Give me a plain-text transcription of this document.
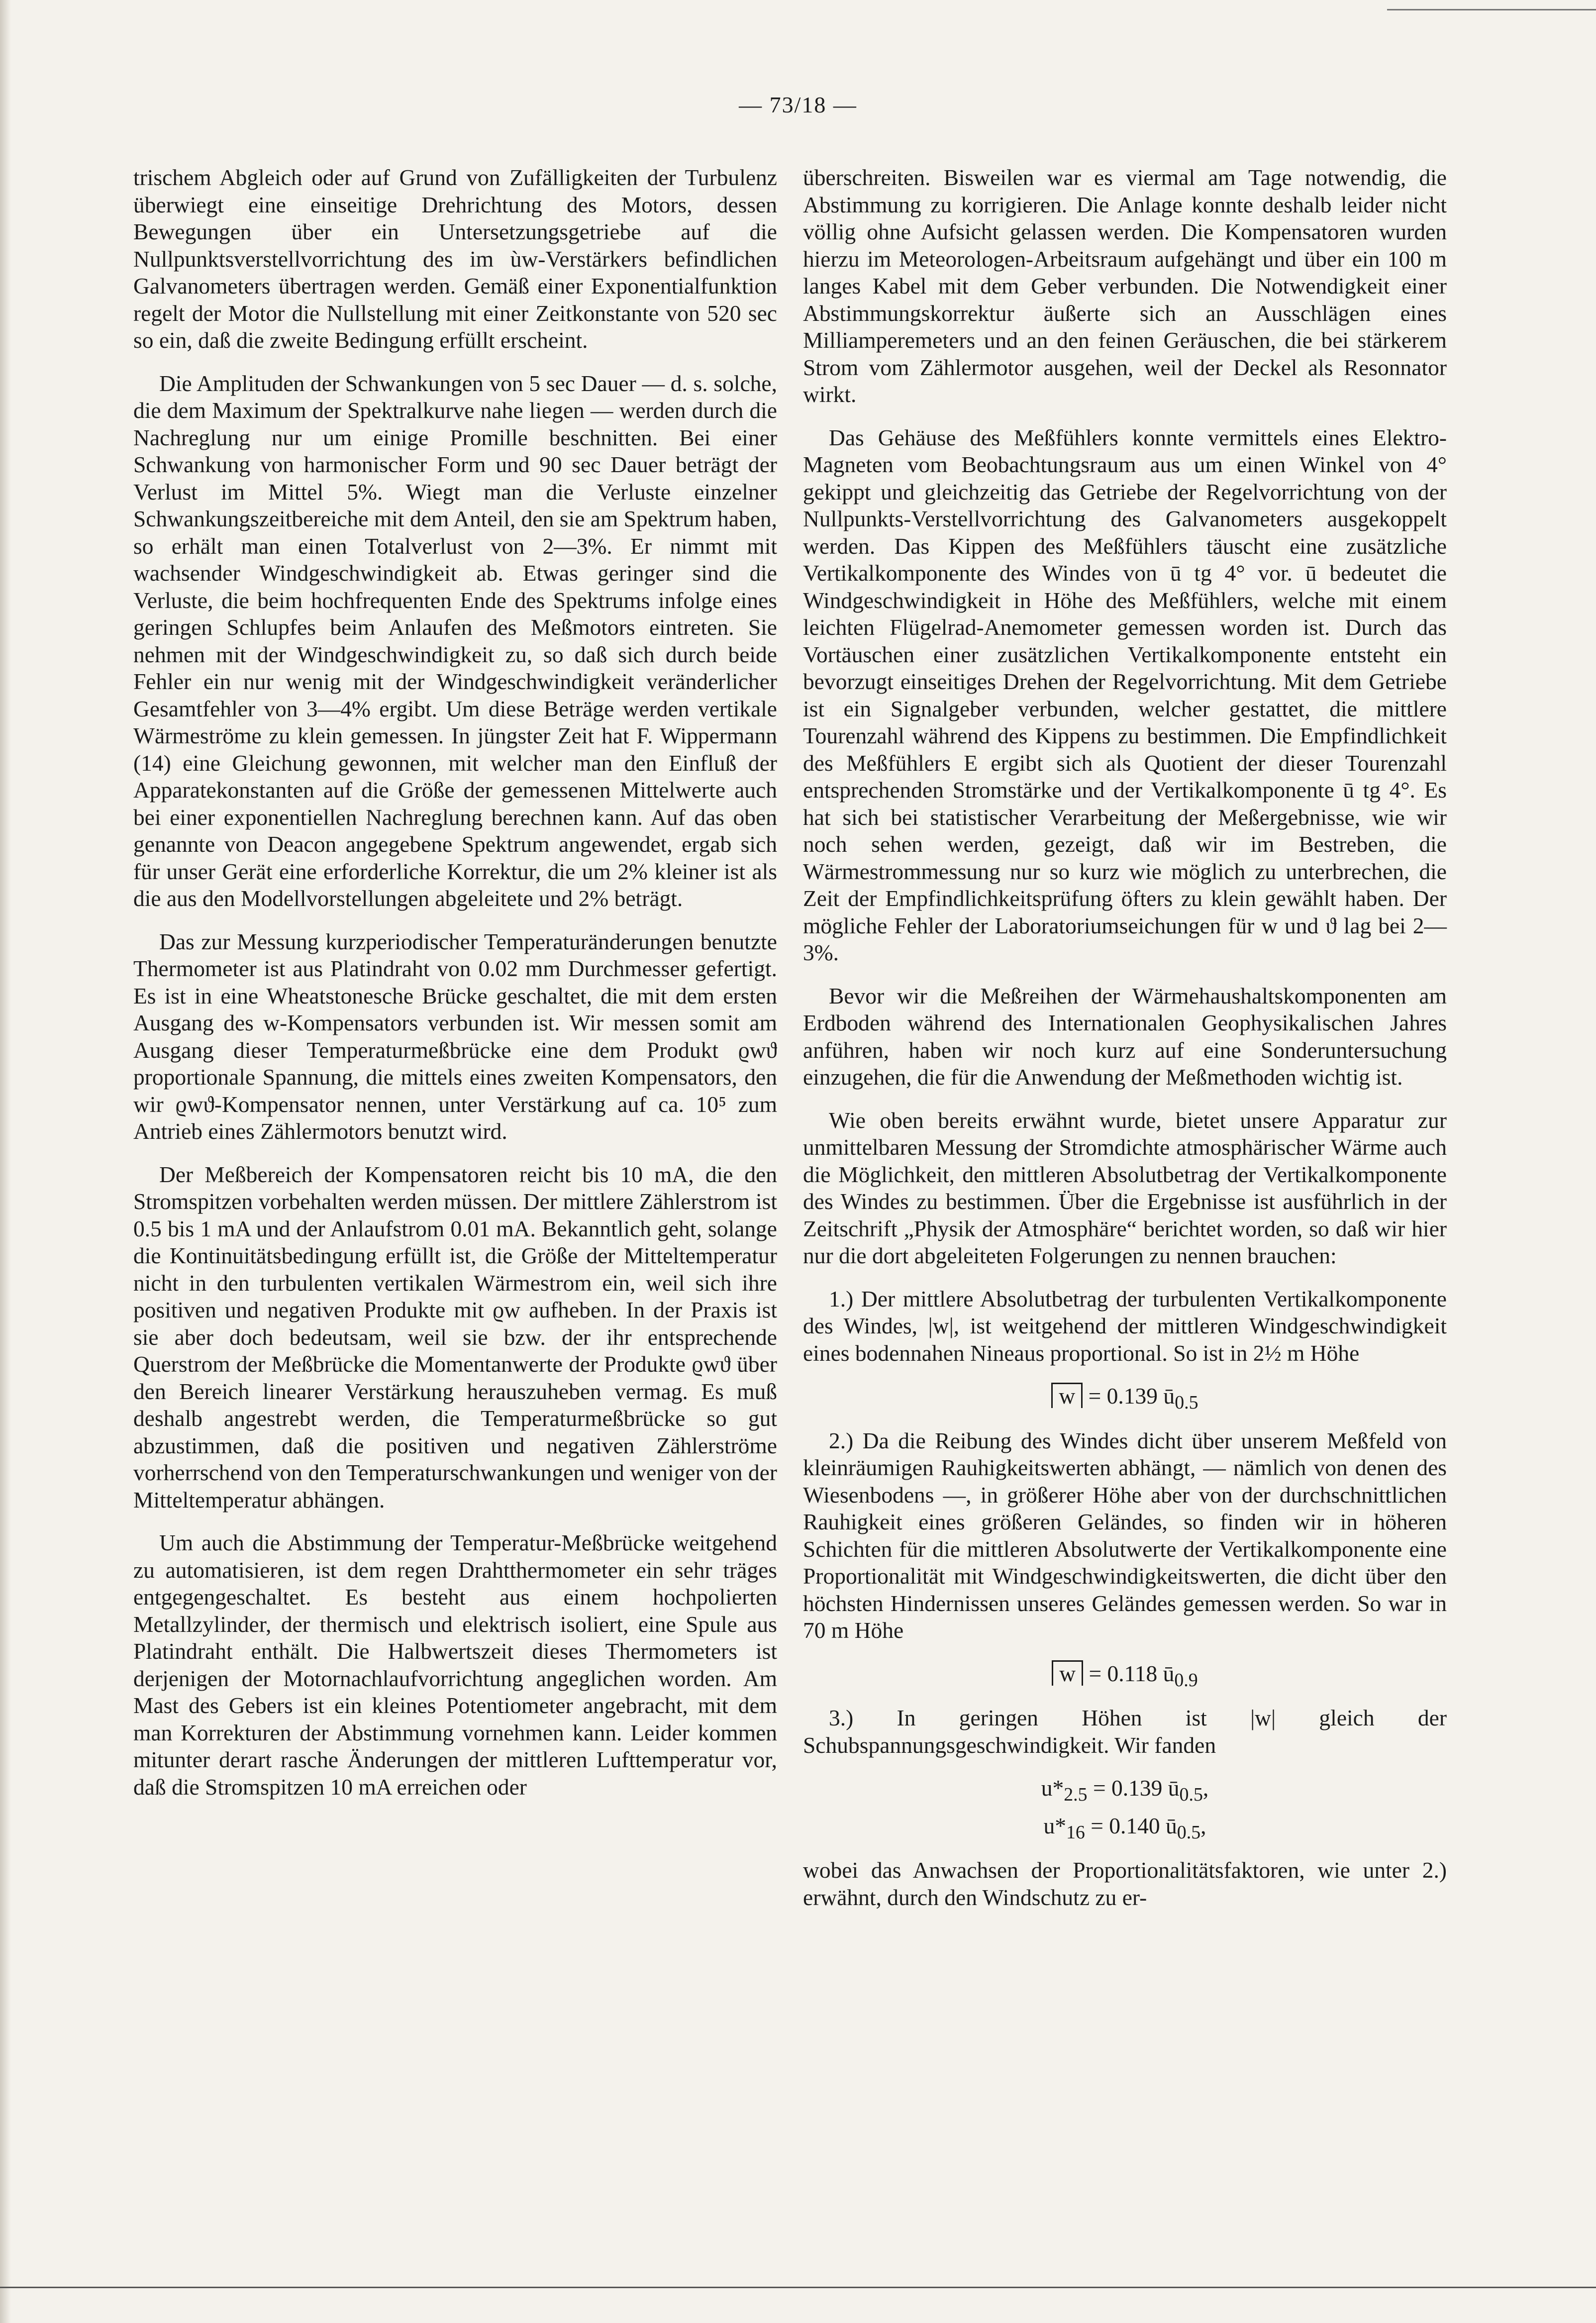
— 73/18 —

trischem Abgleich oder auf Grund von Zufälligkeiten der Turbulenz überwiegt eine einseitige Drehrichtung des Motors, dessen Bewegungen über ein Untersetzungsgetriebe auf die Nullpunktsverstellvorrichtung des im ùw-Verstärkers befindlichen Galvanometers übertragen werden. Gemäß einer Exponentialfunktion regelt der Motor die Nullstellung mit einer Zeitkonstante von 520 sec so ein, daß die zweite Bedingung erfüllt erscheint.

Die Amplituden der Schwankungen von 5 sec Dauer — d. s. solche, die dem Maximum der Spektralkurve nahe liegen — werden durch die Nachreglung nur um einige Promille beschnitten. Bei einer Schwankung von harmonischer Form und 90 sec Dauer beträgt der Verlust im Mittel 5%. Wiegt man die Verluste einzelner Schwankungszeitbereiche mit dem Anteil, den sie am Spektrum haben, so erhält man einen Totalverlust von 2—3%. Er nimmt mit wachsender Windgeschwindigkeit ab. Etwas geringer sind die Verluste, die beim hochfrequenten Ende des Spektrums infolge eines geringen Schlupfes beim Anlaufen des Meßmotors eintreten. Sie nehmen mit der Windgeschwindigkeit zu, so daß sich durch beide Fehler ein nur wenig mit der Windgeschwindigkeit veränderlicher Gesamtfehler von 3—4% ergibt. Um diese Beträge werden vertikale Wärmeströme zu klein gemessen. In jüngster Zeit hat F. Wippermann (14) eine Gleichung gewonnen, mit welcher man den Einfluß der Apparatekonstanten auf die Größe der gemessenen Mittelwerte auch bei einer exponentiellen Nachreglung berechnen kann. Auf das oben genannte von Deacon angegebene Spektrum angewendet, ergab sich für unser Gerät eine erforderliche Korrektur, die um 2% kleiner ist als die aus den Modellvorstellungen abgeleitete und 2% beträgt.

Das zur Messung kurzperiodischer Temperaturänderungen benutzte Thermometer ist aus Platindraht von 0.02 mm Durchmesser gefertigt. Es ist in eine Wheatstonesche Brücke geschaltet, die mit dem ersten Ausgang des w-Kompensators verbunden ist. Wir messen somit am Ausgang dieser Temperaturmeßbrücke eine dem Produkt ϱwϑ proportionale Spannung, die mittels eines zweiten Kompensators, den wir ϱwϑ-Kompensator nennen, unter Verstärkung auf ca. 10⁵ zum Antrieb eines Zählermotors benutzt wird.

Der Meßbereich der Kompensatoren reicht bis 10 mA, die den Stromspitzen vorbehalten werden müssen. Der mittlere Zählerstrom ist 0.5 bis 1 mA und der Anlaufstrom 0.01 mA. Bekanntlich geht, solange die Kontinuitätsbedingung erfüllt ist, die Größe der Mitteltemperatur nicht in den turbulenten vertikalen Wärmestrom ein, weil sich ihre positiven und negativen Produkte mit ϱw aufheben. In der Praxis ist sie aber doch bedeutsam, weil sie bzw. der ihr entsprechende Querstrom der Meßbrücke die Momentanwerte der Produkte ϱwϑ über den Bereich linearer Verstärkung herauszuheben vermag. Es muß deshalb angestrebt werden, die Temperaturmeßbrücke so gut abzustimmen, daß die positiven und negativen Zählerströme vorherrschend von den Temperaturschwankungen und weniger von der Mitteltemperatur abhängen.

Um auch die Abstimmung der Temperatur-Meßbrücke weitgehend zu automatisieren, ist dem regen Drahtthermometer ein sehr träges entgegengeschaltet. Es besteht aus einem hochpolierten Metallzylinder, der thermisch und elektrisch isoliert, eine Spule aus Platindraht enthält. Die Halbwertszeit dieses Thermometers ist derjenigen der Motornachlaufvorrichtung angeglichen worden. Am Mast des Gebers ist ein kleines Potentiometer angebracht, mit dem man Korrekturen der Abstimmung vornehmen kann. Leider kommen mitunter derart rasche Änderungen der mittleren Lufttemperatur vor, daß die Stromspitzen 10 mA erreichen oder

überschreiten. Bisweilen war es viermal am Tage notwendig, die Abstimmung zu korrigieren. Die Anlage konnte deshalb leider nicht völlig ohne Aufsicht gelassen werden. Die Kompensatoren wurden hierzu im Meteorologen-Arbeitsraum aufgehängt und über ein 100 m langes Kabel mit dem Geber verbunden. Die Notwendigkeit einer Abstimmungskorrektur äußerte sich an Ausschlägen eines Milliamperemeters und an den feinen Geräuschen, die bei stärkerem Strom vom Zählermotor ausgehen, weil der Deckel als Resonnator wirkt.

Das Gehäuse des Meßfühlers konnte vermittels eines Elektro-Magneten vom Beobachtungsraum aus um einen Winkel von 4° gekippt und gleichzeitig das Getriebe der Regelvorrichtung von der Nullpunkts-Verstellvorrichtung des Galvanometers ausgekoppelt werden. Das Kippen des Meßfühlers täuscht eine zusätzliche Vertikalkomponente des Windes von ū tg 4° vor. ū bedeutet die Windgeschwindigkeit in Höhe des Meßfühlers, welche mit einem leichten Flügelrad-Anemometer gemessen worden ist. Durch das Vortäuschen einer zusätzlichen Vertikalkomponente entsteht ein bevorzugt einseitiges Drehen der Regelvorrichtung. Mit dem Getriebe ist ein Signalgeber verbunden, welcher gestattet, die mittlere Tourenzahl während des Kippens zu bestimmen. Die Empfindlichkeit des Meßfühlers E ergibt sich als Quotient der dieser Tourenzahl entsprechenden Stromstärke und der Vertikalkomponente ū tg 4°. Es hat sich bei statistischer Verarbeitung der Meßergebnisse, wie wir noch sehen werden, gezeigt, daß wir im Bestreben, die Wärmestrommessung nur so kurz wie möglich zu unterbrechen, die Zeit der Empfindlichkeitsprüfung öfters zu klein gewählt haben. Der mögliche Fehler der Laboratoriumseichungen für w und ϑ lag bei 2—3%.

Bevor wir die Meßreihen der Wärmehaushaltskomponenten am Erdboden während des Internationalen Geophysikalischen Jahres anführen, haben wir noch kurz auf eine Sonderuntersuchung einzugehen, die für die Anwendung der Meßmethoden wichtig ist.

Wie oben bereits erwähnt wurde, bietet unsere Apparatur zur unmittelbaren Messung der Stromdichte atmosphärischer Wärme auch die Möglichkeit, den mittleren Absolutbetrag der Vertikalkomponente des Windes zu bestimmen. Über die Ergebnisse ist ausführlich in der Zeitschrift „Physik der Atmosphäre“ berichtet worden, so daß wir hier nur die dort abgeleiteten Folgerungen zu nennen brauchen:

1.) Der mittlere Absolutbetrag der turbulenten Vertikalkomponente des Windes, |w|, ist weitgehend der mittleren Windgeschwindigkeit eines bodennahen Nineaus proportional. So ist in 2½ m Höhe

w = 0.139 $ū_{0.5}$

2.) Da die Reibung des Windes dicht über unserem Meßfeld von kleinräumigen Rauhigkeitswerten abhängt, — nämlich von denen des Wiesenbodens —, in größerer Höhe aber von der durchschnittlichen Rauhigkeit eines größeren Geländes, so finden wir in höheren Schichten für die mittleren Absolutwerte der Vertikalkomponente eine Proportionalität mit Windgeschwindigkeitswerten, die dicht über den höchsten Hindernissen unseres Geländes gemessen werden. So war in 70 m Höhe

w = 0.118 $ū_{0.9}$

3.) In geringen Höhen ist |w| gleich der Schubspannungsgeschwindigkeit. Wir fanden

$u*_{2.5} = 0.139$ $ū_{0.5}$,
$u*_{16} = 0.140$ $ū_{0.5}$,

wobei das Anwachsen der Proportionalitätsfaktoren, wie unter 2.) erwähnt, durch den Windschutz zu er-
